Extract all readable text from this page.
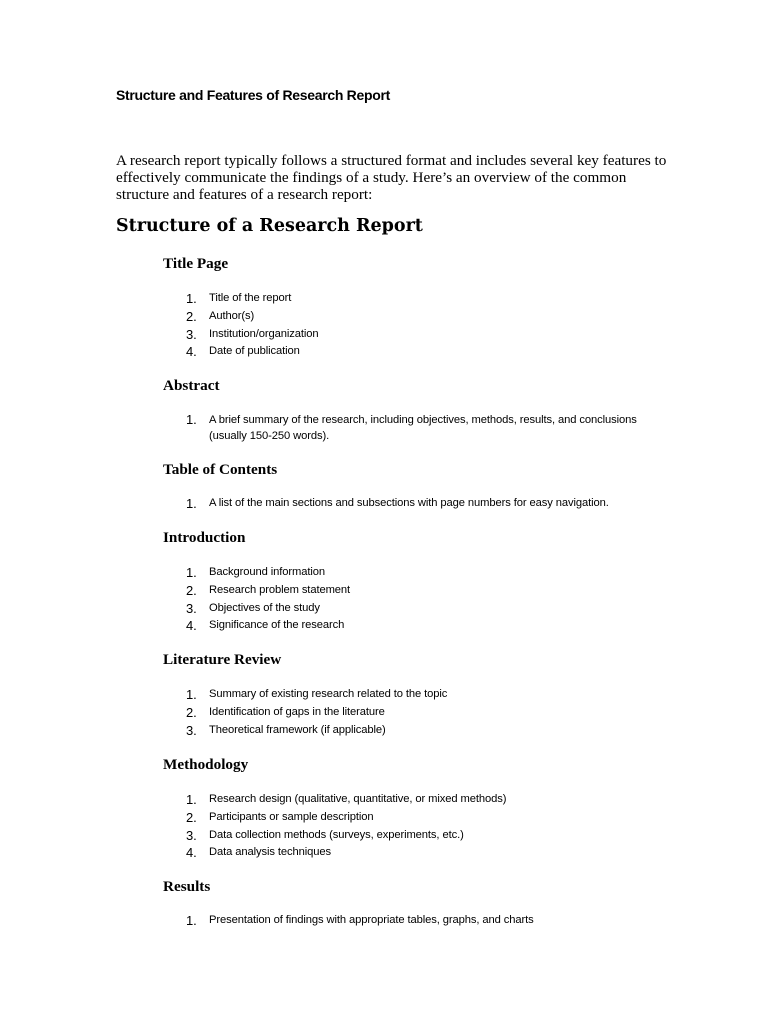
Structure and Features of Research Report

A research report typically follows a structured format and includes several key features to effectively communicate the findings of a study. Here’s an overview of the common structure and features of a research report:

Structure of a Research Report
Title Page
1. Title of the report
2. Author(s)
3. Institution/organization
4. Date of publication
Abstract
1. A brief summary of the research, including objectives, methods, results, and conclusions (usually 150-250 words).
Table of Contents
1. A list of the main sections and subsections with page numbers for easy navigation.
Introduction
1. Background information
2. Research problem statement
3. Objectives of the study
4. Significance of the research
Literature Review
1. Summary of existing research related to the topic
2. Identification of gaps in the literature
3. Theoretical framework (if applicable)
Methodology
1. Research design (qualitative, quantitative, or mixed methods)
2. Participants or sample description
3. Data collection methods (surveys, experiments, etc.)
4. Data analysis techniques
Results
1. Presentation of findings with appropriate tables, graphs, and charts
